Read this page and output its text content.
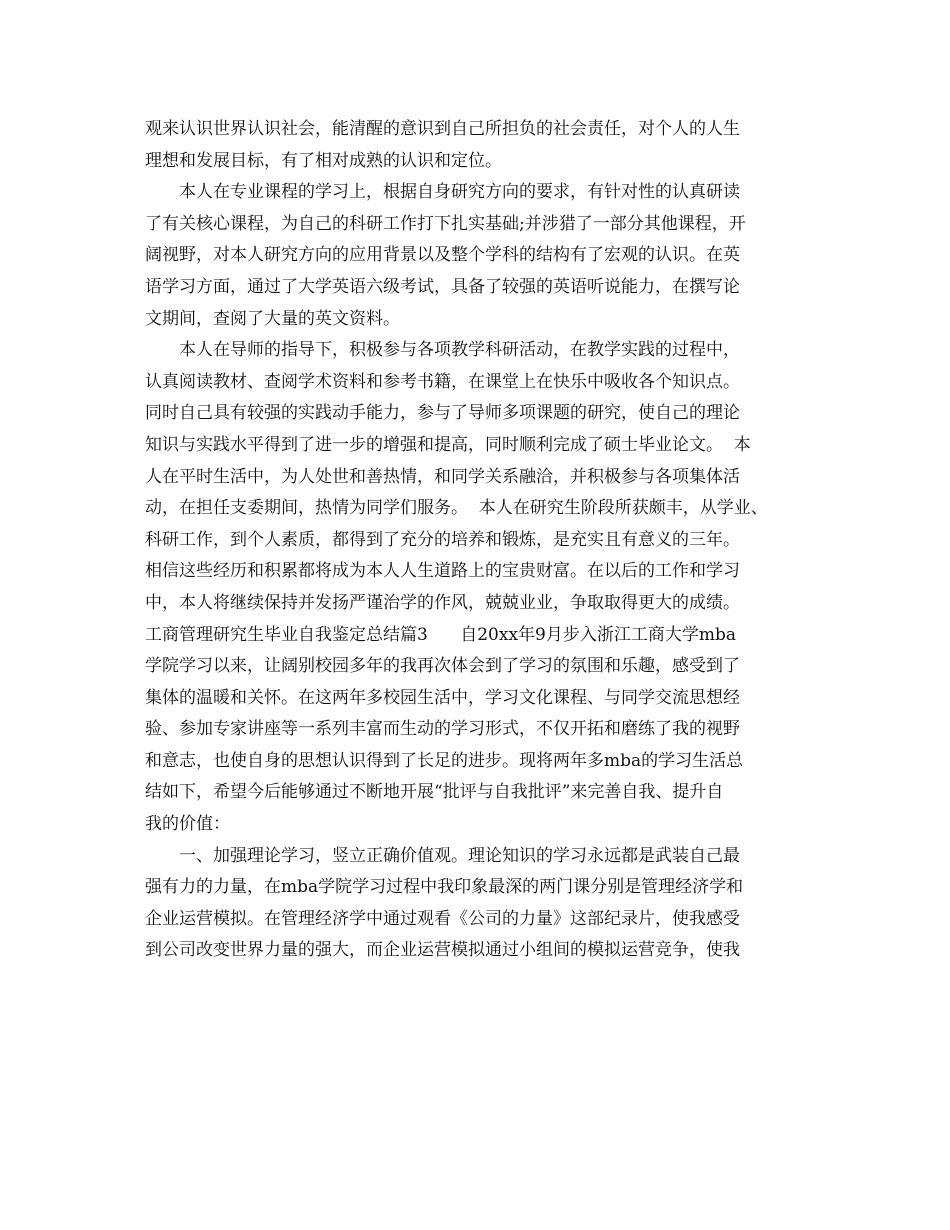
观来认识世界认识社会，能清醒的意识到自己所担负的社会责任，对个人的人生
理想和发展目标，有了相对成熟的认识和定位。
本人在专业课程的学习上，根据自身研究方向的要求，有针对性的认真研读
了有关核心课程，为自己的科研工作打下扎实基础;并涉猎了一部分其他课程，开
阔视野，对本人研究方向的应用背景以及整个学科的结构有了宏观的认识。在英
语学习方面，通过了大学英语六级考试，具备了较强的英语听说能力，在撰写论
文期间，查阅了大量的英文资料。
本人在导师的指导下，积极参与各项教学科研活动，在教学实践的过程中，
认真阅读教材、查阅学术资料和参考书籍，在课堂上在快乐中吸收各个知识点。
同时自己具有较强的实践动手能力，参与了导师多项课题的研究，使自己的理论
知识与实践水平得到了进一步的增强和提高，同时顺利完成了硕士毕业论文。  本
人在平时生活中，为人处世和善热情，和同学关系融洽，并积极参与各项集体活
动，在担任支委期间，热情为同学们服务。  本人在研究生阶段所获颇丰，从学业、
科研工作，到个人素质，都得到了充分的培养和锻炼，是充实且有意义的三年。
相信这些经历和积累都将成为本人人生道路上的宝贵财富。在以后的工作和学习
中，本人将继续保持并发扬严谨治学的作风，兢兢业业，争取取得更大的成绩。
工商管理研究生毕业自我鉴定总结篇3      自20xx年9月步入浙江工商大学mba
学院学习以来，让阔别校园多年的我再次体会到了学习的氛围和乐趣，感受到了
集体的温暖和关怀。在这两年多校园生活中，学习文化课程、与同学交流思想经
验、参加专家讲座等一系列丰富而生动的学习形式，不仅开拓和磨练了我的视野
和意志，也使自身的思想认识得到了长足的进步。现将两年多mba的学习生活总
结如下，希望今后能够通过不断地开展“批评与自我批评”来完善自我、提升自
我的价值：
一、加强理论学习，竖立正确价值观。理论知识的学习永远都是武装自己最
强有力的力量，在mba学院学习过程中我印象最深的两门课分别是管理经济学和
企业运营模拟。在管理经济学中通过观看《公司的力量》这部纪录片，使我感受
到公司改变世界力量的强大，而企业运营模拟通过小组间的模拟运营竞争，使我
